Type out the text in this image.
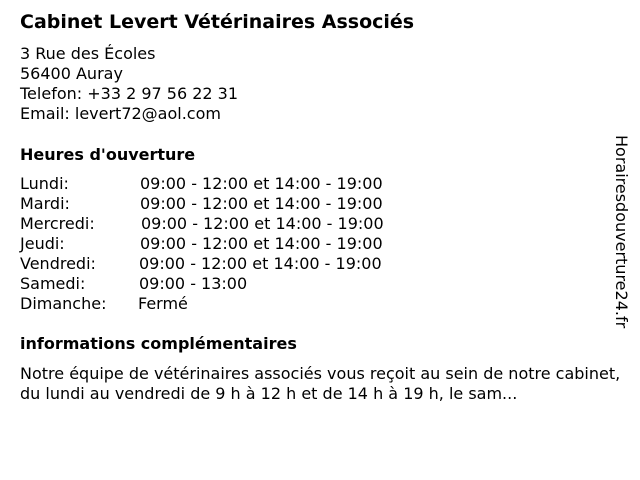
Cabinet Levert Vétérinaires Associés
3 Rue des Écoles
56400 Auray
Telefon: +33 2 97 56 22 31
Email: levert72@aol.com
Heures d'ouverture
Lundi:	09:00 - 12:00 et 14:00 - 19:00
Mardi:	09:00 - 12:00 et 14:00 - 19:00
Mercredi:	09:00 - 12:00 et 14:00 - 19:00
Jeudi:	09:00 - 12:00 et 14:00 - 19:00
Vendredi:	09:00 - 12:00 et 14:00 - 19:00
Samedi:	09:00 - 13:00
Dimanche: Fermé
informations complémentaires
Notre équipe de vétérinaires associés vous reçoit au sein de notre cabinet, du lundi au vendredi de 9 h à 12 h et de 14 h à 19 h, le sam...
Horairesdouverture24.fr
